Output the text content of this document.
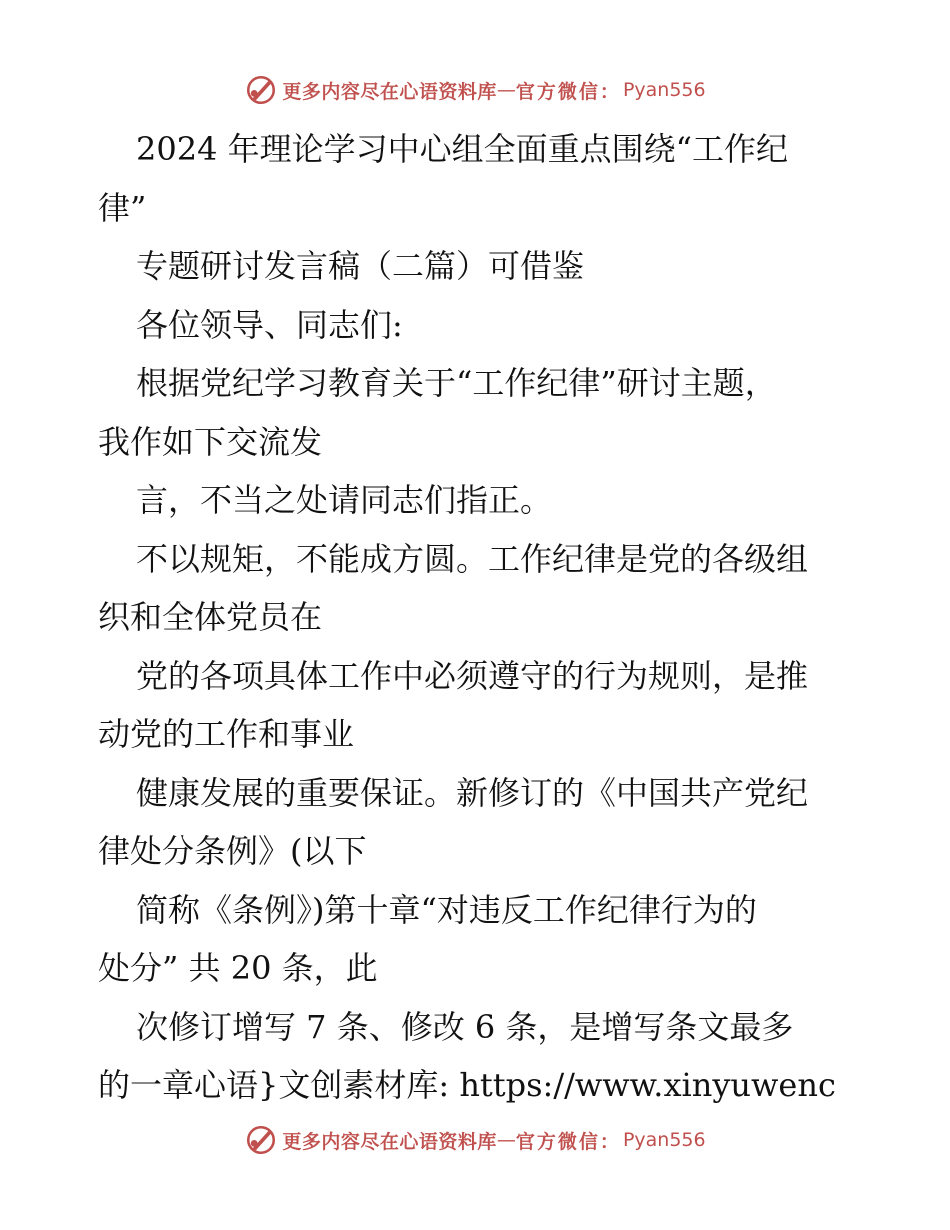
更多内容尽在心语资料库 — 官方微信： Pyan556
2024 年理论学习中心组全面重点围绕“工作纪
律”
专题研讨发言稿（二篇）可借鉴
各位领导、同志们:
根据党纪学习教育关于“工作纪律”研讨主题，
我作如下交流发
言，不当之处请同志们指正。
不以规矩，不能成方圆。工作纪律是党的各级组
织和全体党员在
党的各项具体工作中必须遵守的行为规则，是推
动党的工作和事业
健康发展的重要保证。新修订的《中国共产党纪
律处分条例》(以下
简称《条例》)第十章“对违反工作纪律行为的
处分” 共 20 条，此
次修订增写 7 条、修改 6 条，是增写条文最多
的一章心语}文创素材库: https://www.xinyuwenc
更多内容尽在心语资料库 — 官方微信： Pyan556
